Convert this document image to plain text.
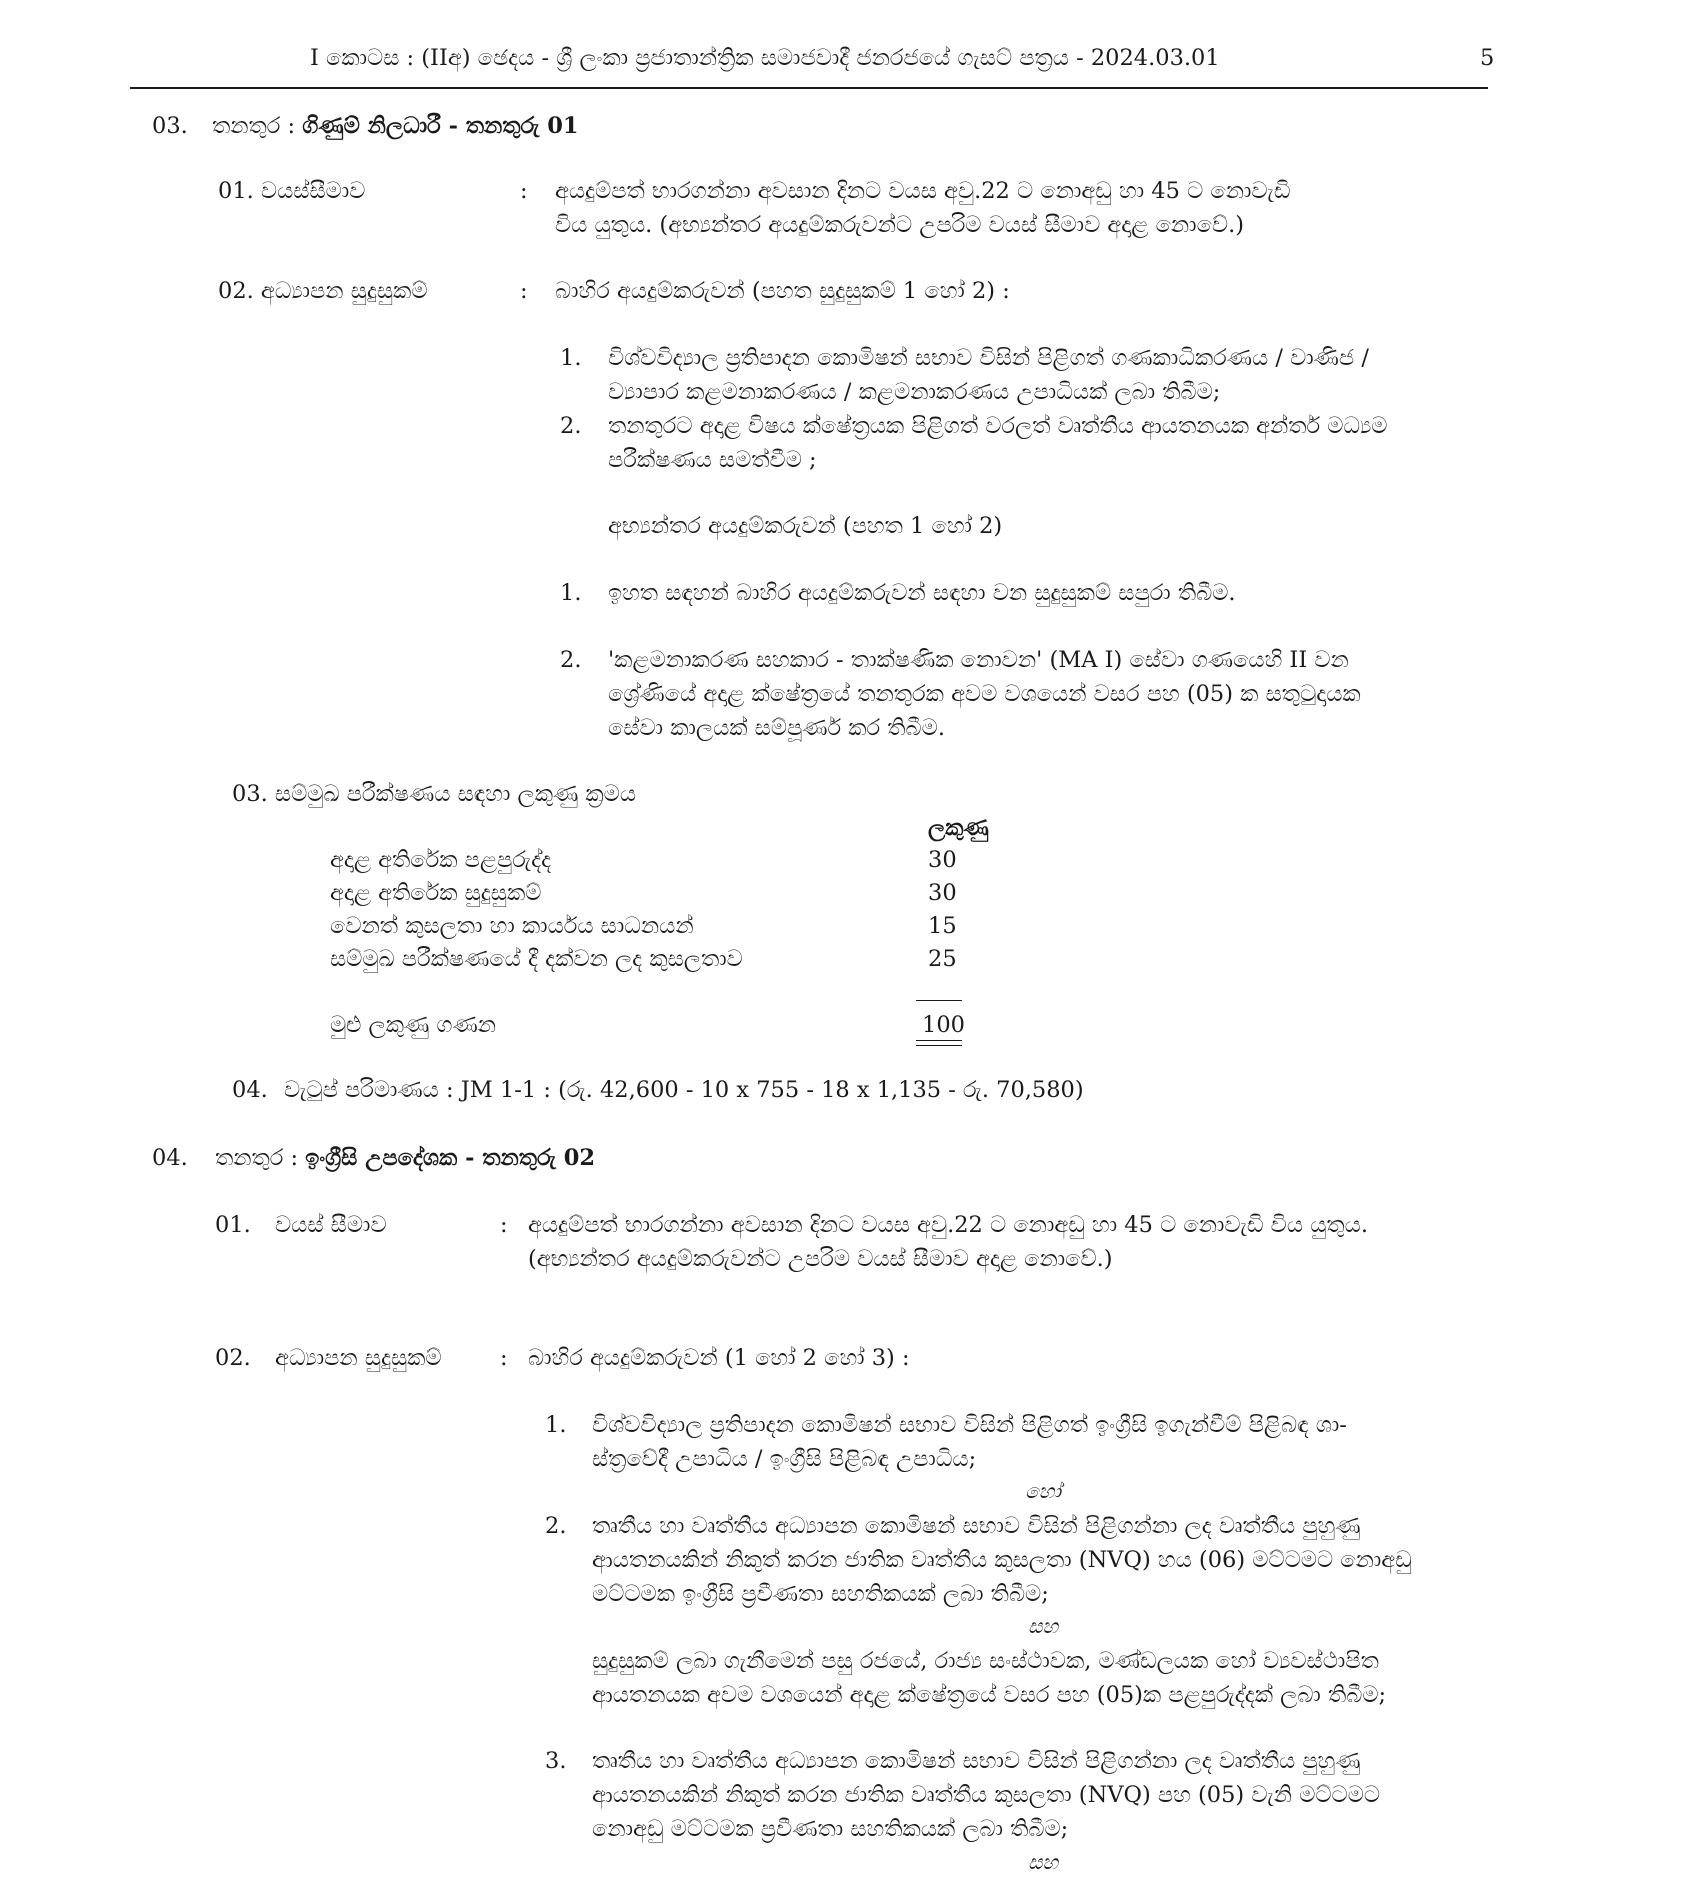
I කොටස : (IIඅ) ඡෙදය - ශ්‍රී ලංකා ප්‍රජාතාන්ත්‍රික සමාජවාදී ජනරජයේ ගැසට් පත්‍රය - 2024.03.01	5
03. තනතුර : ගිණුම් නිලධාරී - තනතුරු 01
01. වයස්සීමාව	: අයදුම්පත් භාරගන්නා අවසාන දිනට වයස අවු.22 ට නොඅඩු හා 45 ට නොවැඩි
විය යුතුය. (අභ්‍යන්තර අයදුම්කරුවන්ට උපරිම වයස් සීමාව අදාළ නොවේ.)
02. අධ්‍යාපන සුදුසුකම්	: බාහිර අයදුම්කරුවන් (පහත සුදුසුකම් 1 හෝ 2) :
1. විශ්වවිද්‍යාල ප්‍රතිපාදන කොමිෂන් සභාව විසින් පිළිගත් ගණකාධිකරණය / වාණිජ /
ව්‍යාපාර කළමනාකරණය / කළමනාකරණය උපාධියක් ලබා තිබීම;
2. තනතුරට අදාළ විෂය ක්ෂේත්‍රයක පිළිගත් වරලත් වෘත්තීය ආයතනයක අන්තර් මධ්‍යම
පරීක්ෂණය සමත්වීම ;
අභ්‍යන්තර අයදුම්කරුවන් (පහත 1 හෝ 2)
1. ඉහත සඳහන් බාහිර අයදුම්කරුවන් සඳහා වන සුදුසුකම් සපුරා තිබීම.
2. 'කළමනාකරණ සහකාර - තාක්ෂණික නොවන' (MA I) සේවා ගණයෙහි II වන
ශ්‍රේණියේ අදාළ ක්ෂේත්‍රයේ තනතුරක අවම වශයෙන් වසර පහ (05) ක සතුටුදායක
සේවා කාලයක් සම්පූර්ණ කර තිබීම.
03. සම්මුඛ පරීක්ෂණය සඳහා ලකුණු ක්‍රමය
ලකුණු
අදාළ අතිරේක පළපුරුද්ද	30
අදාළ අතිරේක සුදුසුකම්	30
වෙනත් කුසලතා හා කාර්යය සාධනයන්	15
සම්මුඛ පරීක්ෂණයේ දී දක්වන ලද කුසලතාව	25
මුළු ලකුණු ගණන	100
04. වැටුප් පරිමාණය : JM 1-1 : (රු. 42,600 - 10 x 755 - 18 x 1,135 - රු. 70,580)
04. තනතුර : ඉංග්‍රීසි උපදේශක - තනතුරු 02
01. වයස් සීමාව	: අයදුම්පත් භාරගන්නා අවසාන දිනට වයස අවු.22 ට නොඅඩු හා 45 ට නොවැඩි විය යුතුය.
(අභ්‍යන්තර අයදුම්කරුවන්ට උපරිම වයස් සීමාව අදාළ නොවේ.)
02. අධ්‍යාපන සුදුසුකම්	: බාහිර අයදුම්කරුවන් (1 හෝ 2 හෝ 3) :
1. විශ්වවිද්‍යාල ප්‍රතිපාදන කොමිෂන් සභාව විසින් පිළිගත් ඉංග්‍රීසි ඉගැන්වීම් පිළිබඳ ශා-
ස්ත්‍රවේදී උපාධිය / ඉංග්‍රීසි පිළිබඳ උපාධිය;
හෝ
2. තෘතීය හා වෘත්තීය අධ්‍යාපන කොමිෂන් සභාව විසින් පිළිගන්නා ලද වෘත්තීය පුහුණු
ආයතනයකින් නිකුත් කරන ජාතික වෘත්තීය කුසලතා (NVQ) හය (06) මට්ටමට නොඅඩු
මට්ටමක ඉංග්‍රීසි ප්‍රවීණතා සහතිකයක් ලබා තිබීම;
සහ
සුදුසුකම් ලබා ගැනීමෙන් පසු රජයේ, රාජ්‍ය සංස්ථාවක, මණ්ඩලයක හෝ ව්‍යවස්ථාපිත
ආයතනයක අවම වශයෙන් අදාළ ක්ෂේත්‍රයේ වසර පහ (05)ක පළපුරුද්දක් ලබා තිබීම;
3. තෘතීය හා වෘත්තීය අධ්‍යාපන කොමිෂන් සභාව විසින් පිළිගන්නා ලද වෘත්තීය පුහුණු
ආයතනයකින් නිකුත් කරන ජාතික වෘත්තීය කුසලතා (NVQ) පහ (05) වැනි මට්ටමට
නොඅඩු මට්ටමක ප්‍රවීණතා සහතිකයක් ලබා තිබීම;
සහ
